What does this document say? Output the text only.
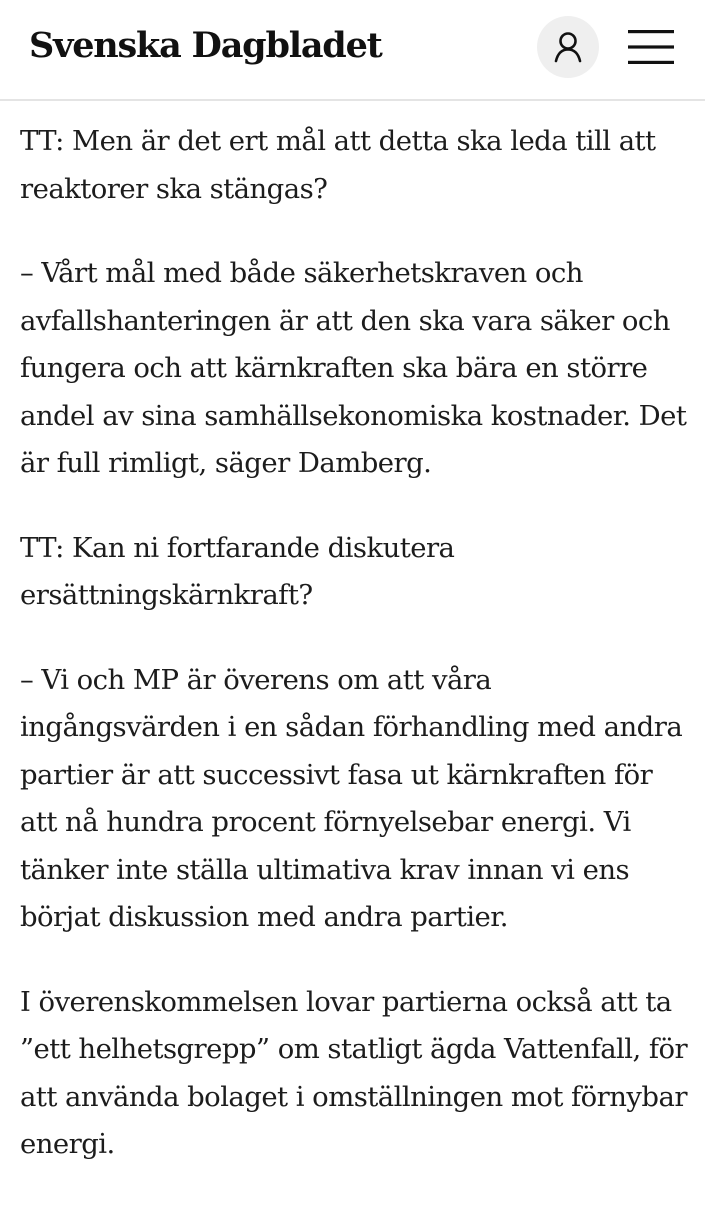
Svenska Dagbladet

TT: Men är det ert mål att detta ska leda till att reaktorer ska stängas?

– Vårt mål med både säkerhetskraven och avfallshanteringen är att den ska vara säker och fungera och att kärnkraften ska bära en större andel av sina samhällsekonomiska kostnader. Det är full rimligt, säger Damberg.

TT: Kan ni fortfarande diskutera ersättningskärnkraft?

– Vi och MP är överens om att våra ingångsvärden i en sådan förhandling med andra partier är att successivt fasa ut kärnkraften för att nå hundra procent förnyelsebar energi. Vi tänker inte ställa ultimativa krav innan vi ens börjat diskussion med andra partier.

I överenskommelsen lovar partierna också att ta ”ett helhetsgrepp” om statligt ägda Vattenfall, för att använda bolaget i omställningen mot förnybar energi.
